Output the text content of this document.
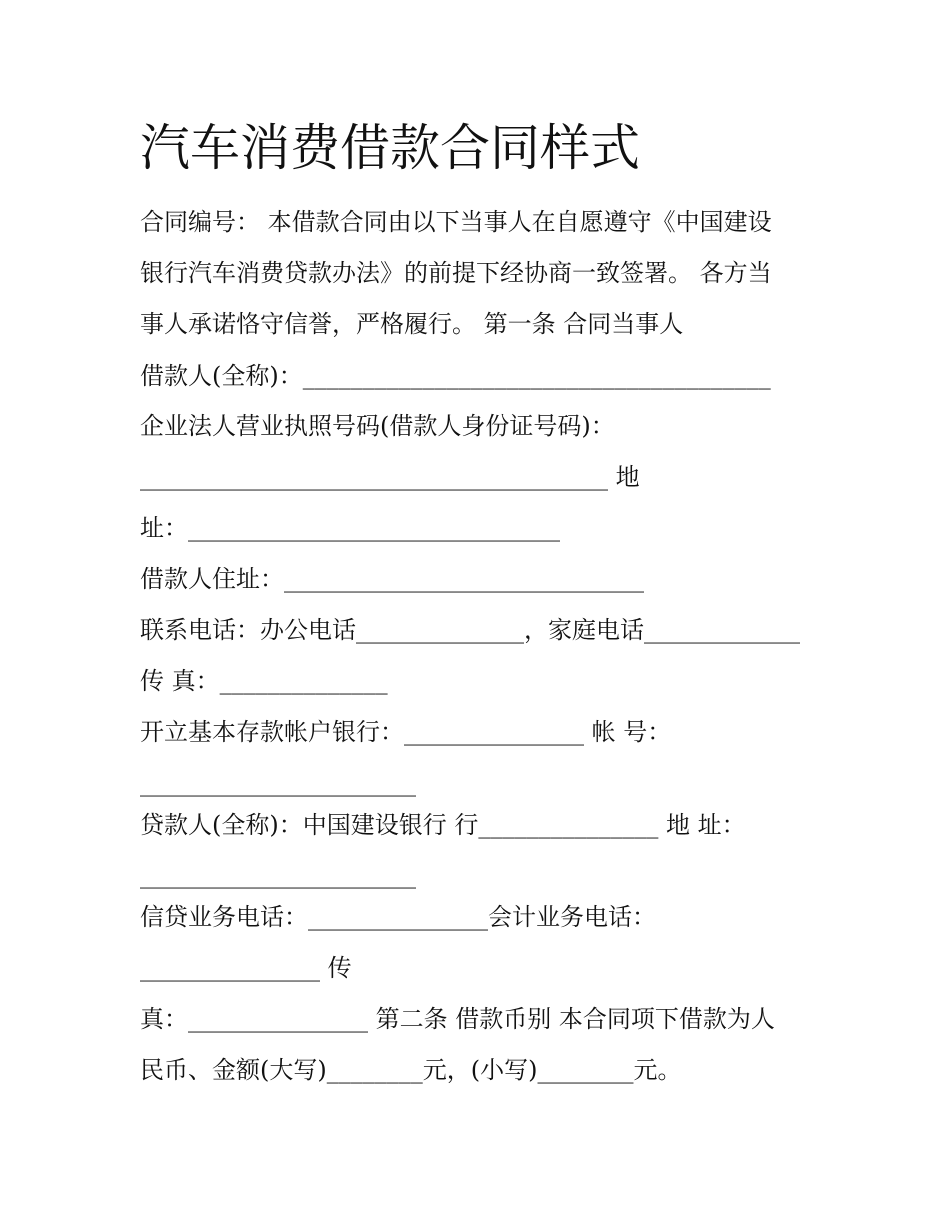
汽车消费借款合同样式
合同编号： 本借款合同由以下当事人在自愿遵守《中国建设
银行汽车消费贷款办法》的前提下经协商一致签署。 各方当
事人承诺恪守信誉，严格履行。 第一条 合同当事人
借款人(全称)：_______________________________________
企业法人营业执照号码(借款人身份证号码)：
_______________________________________ 地
址：_______________________________
借款人住址：______________________________
联系电话：办公电话______________，家庭电话_____________
传 真：______________
开立基本存款帐户银行：_______________ 帐 号：
_______________________
贷款人(全称)：中国建设银行 行_______________ 地 址：
_______________________
信贷业务电话：_______________会计业务电话：
_______________ 传
真：_______________ 第二条 借款币别 本合同项下借款为人
民币、金额(大写)________元，(小写)________元。
